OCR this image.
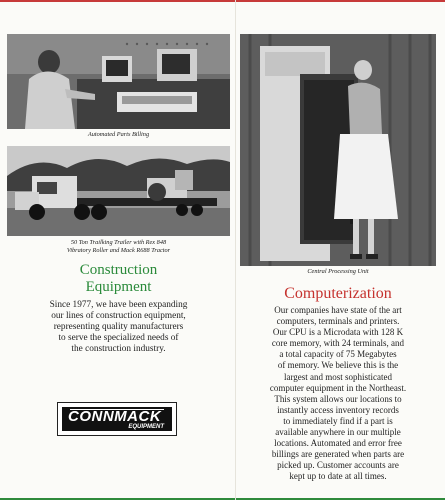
Automated Parts Billing
50 Ton Trailking Trailer with Rex 848
Vibratory Roller and Mack R688 Tractor
Construction
Equipment
Since 1977, we have been expanding
our lines of construction equipment,
representing quality manufacturers
to serve the specialized needs of
the construction industry.
CONNMACK
EQUIPMENT
Central Processing Unit
Computerization
Our companies have state of the art
computers, terminals and printers.
Our CPU is a Microdata with 128 K
core memory, with 24 terminals, and
a total capacity of 75 Megabytes
of memory. We believe this is the
largest and most sophisticated
computer equipment in the Northeast.
This system allows our locations to
instantly access inventory records
to immediately find if a part is
available anywhere in our multiple
locations. Automated and error free
billings are generated when parts are
picked up. Customer accounts are
kept up to date at all times.
